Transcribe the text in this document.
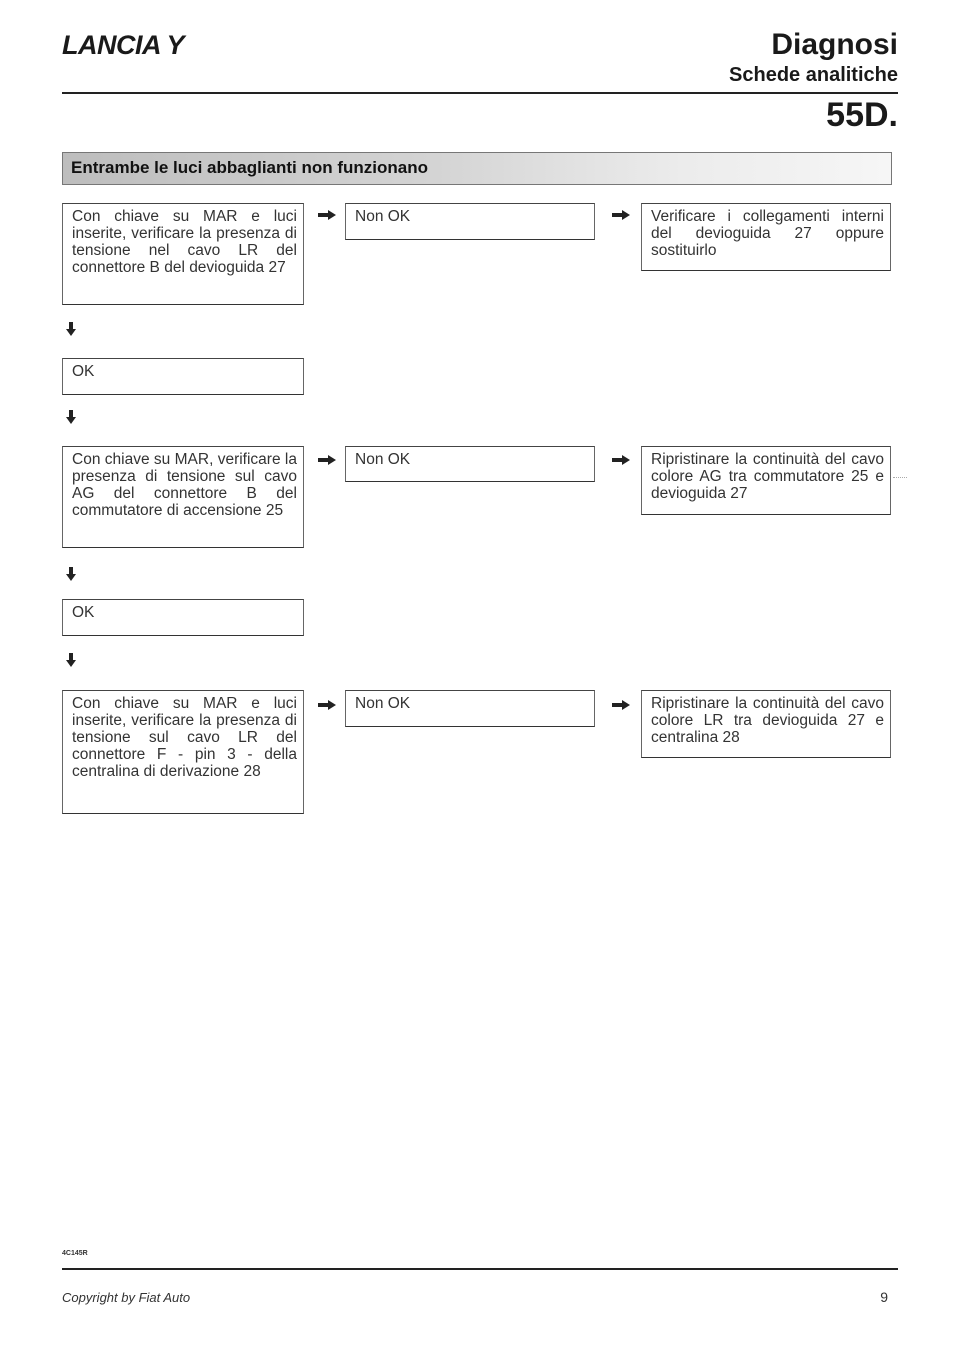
LANCIA Y	Diagnosi
Schede analitiche
55D.
Entrambe le luci abbaglianti non funzionano
Con chiave su MAR e luci inserite, verificare la presenza di tensione nel cavo LR del connettore B del devioguida 27
Non OK	Verificare i collegamenti interni del devioguida 27 oppure sostituirlo
OK
Con chiave su MAR, verificare la presenza di tensione sul cavo AG del connettore B del commutatore di accensione 25
Non OK	Ripristinare la continuità del cavo colore AG tra commutatore 25 e devioguida 27
OK
Con chiave su MAR e luci inserite, verificare la presenza di tensione sul cavo LR del connettore F - pin 3 - della centralina di derivazione 28
Non OK	Ripristinare la continuità del cavo colore LR tra devioguida 27 e centralina 28
4C145R
Copyright by Fiat Auto	9
